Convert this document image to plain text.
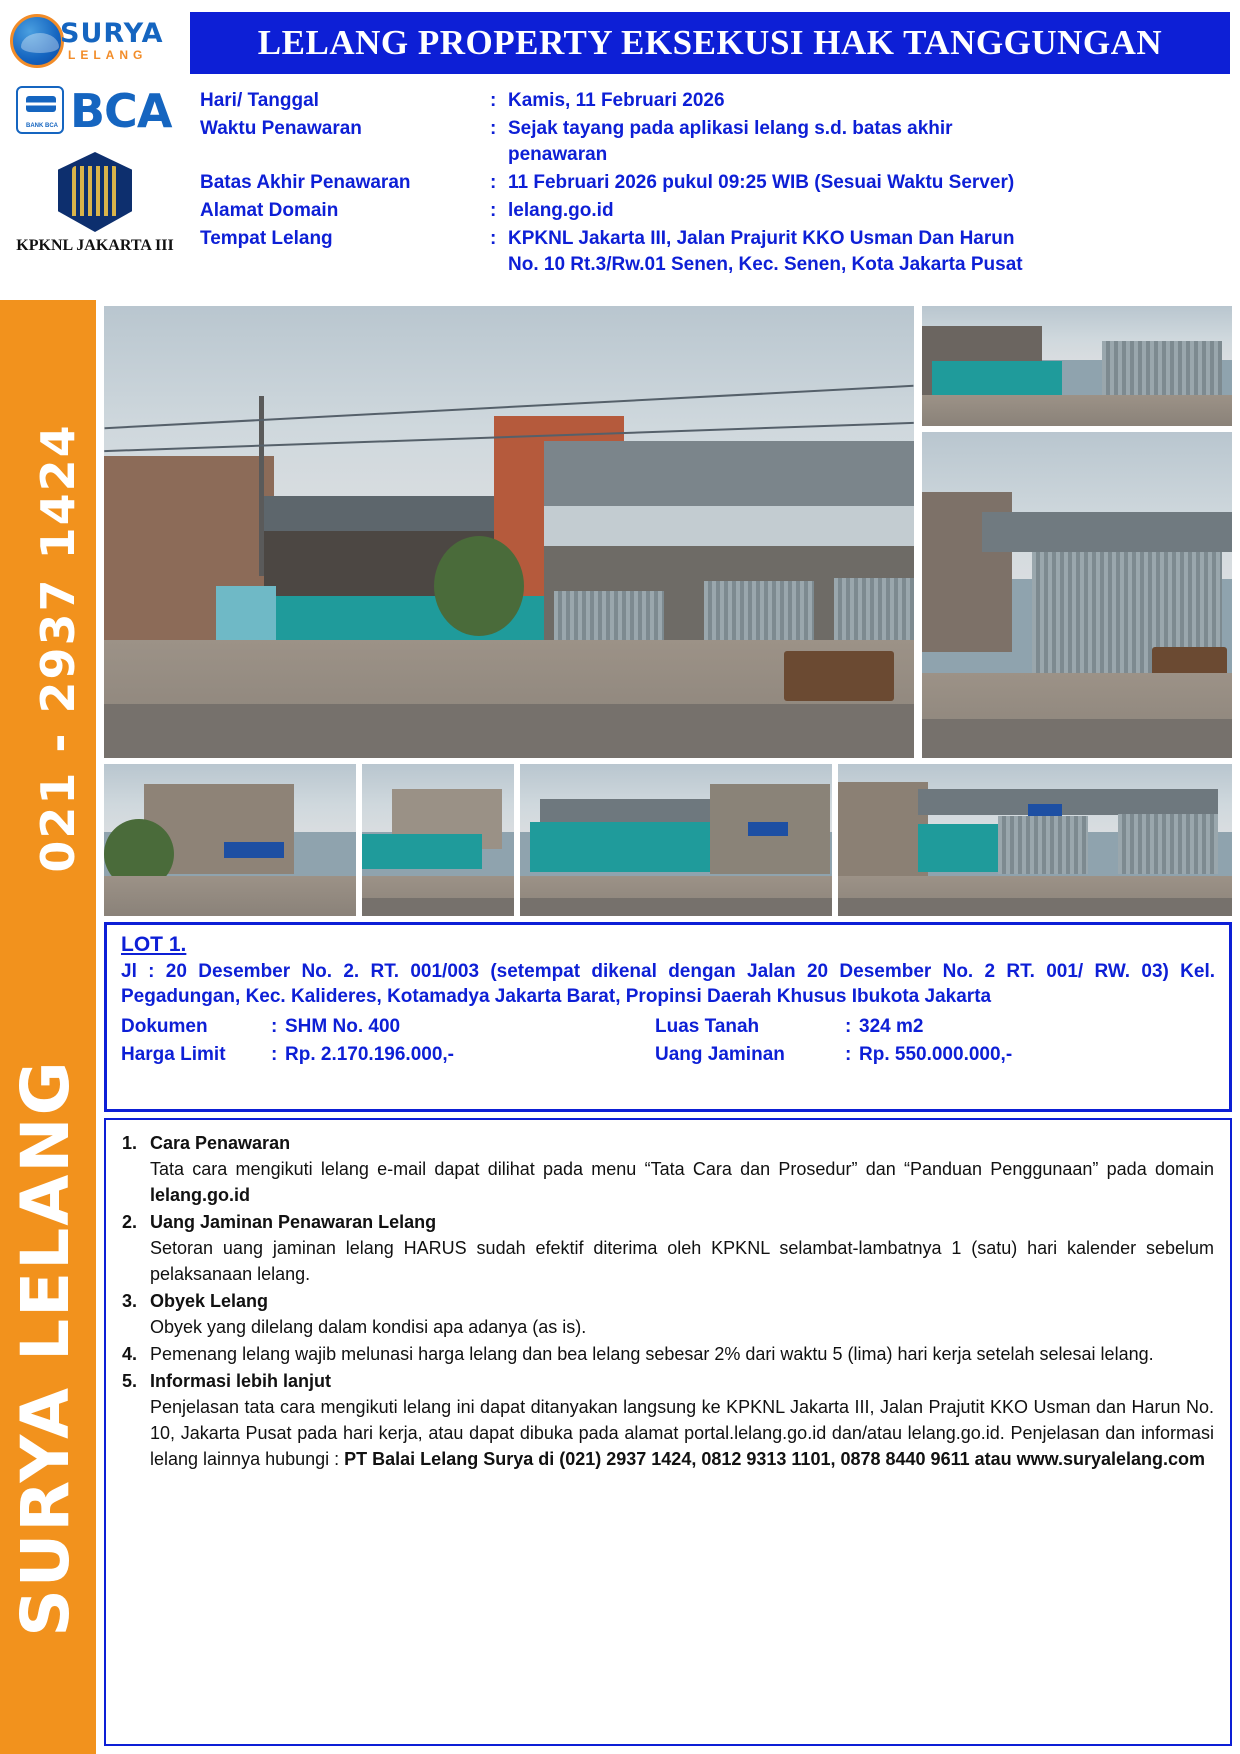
SURYA
LELANG
BANK BCA BCA
KPKNL JAKARTA III
LELANG PROPERTY EKSEKUSI HAK TANGGUNGAN
Hari/ Tanggal	: Kamis, 11 Februari 2026
Waktu Penawaran	: Sejak tayang pada aplikasi lelang s.d. batas akhir
penawaran
Batas Akhir Penawaran	: 11 Februari 2026 pukul 09:25 WIB (Sesuai Waktu Server)
Alamat Domain	: lelang.go.id
Tempat Lelang	: KPKNL Jakarta III, Jalan Prajurit KKO Usman Dan Harun
No. 10 Rt.3/Rw.01 Senen, Kec. Senen, Kota Jakarta Pusat
021 - 2937 1424
SURYA LELANG
LOT 1.
Jl : 20 Desember No. 2. RT. 001/003 (setempat dikenal dengan Jalan 20 Desember No. 2 RT. 001/ RW. 03) Kel. Pegadungan, Kec. Kalideres, Kotamadya Jakarta Barat, Propinsi Daerah Khusus Ibukota Jakarta
Dokumen	: SHM No. 400	Luas Tanah	: 324 m2
Harga Limit	: Rp. 2.170.196.000,-	Uang Jaminan	: Rp. 550.000.000,-
1. Cara Penawaran
Tata cara mengikuti lelang e-mail dapat dilihat pada menu “Tata Cara dan Prosedur” dan “Panduan Penggunaan” pada domain lelang.go.id
2. Uang Jaminan Penawaran Lelang
Setoran uang jaminan lelang HARUS sudah efektif diterima oleh KPKNL selambat-lambatnya 1 (satu) hari kalender sebelum pelaksanaan lelang.
3. Obyek Lelang
Obyek yang dilelang dalam kondisi apa adanya (as is).
4. Pemenang lelang wajib melunasi harga lelang dan bea lelang sebesar 2% dari waktu 5 (lima) hari kerja setelah selesai lelang.
5. Informasi lebih lanjut
Penjelasan tata cara mengikuti lelang ini dapat ditanyakan langsung ke KPKNL Jakarta III, Jalan Prajutit KKO Usman dan Harun No. 10, Jakarta Pusat pada hari kerja, atau dapat dibuka pada alamat portal.lelang.go.id dan/atau lelang.go.id. Penjelasan dan informasi lelang lainnya hubungi : PT Balai Lelang Surya di (021) 2937 1424, 0812 9313 1101, 0878 8440 9611 atau www.suryalelang.com
